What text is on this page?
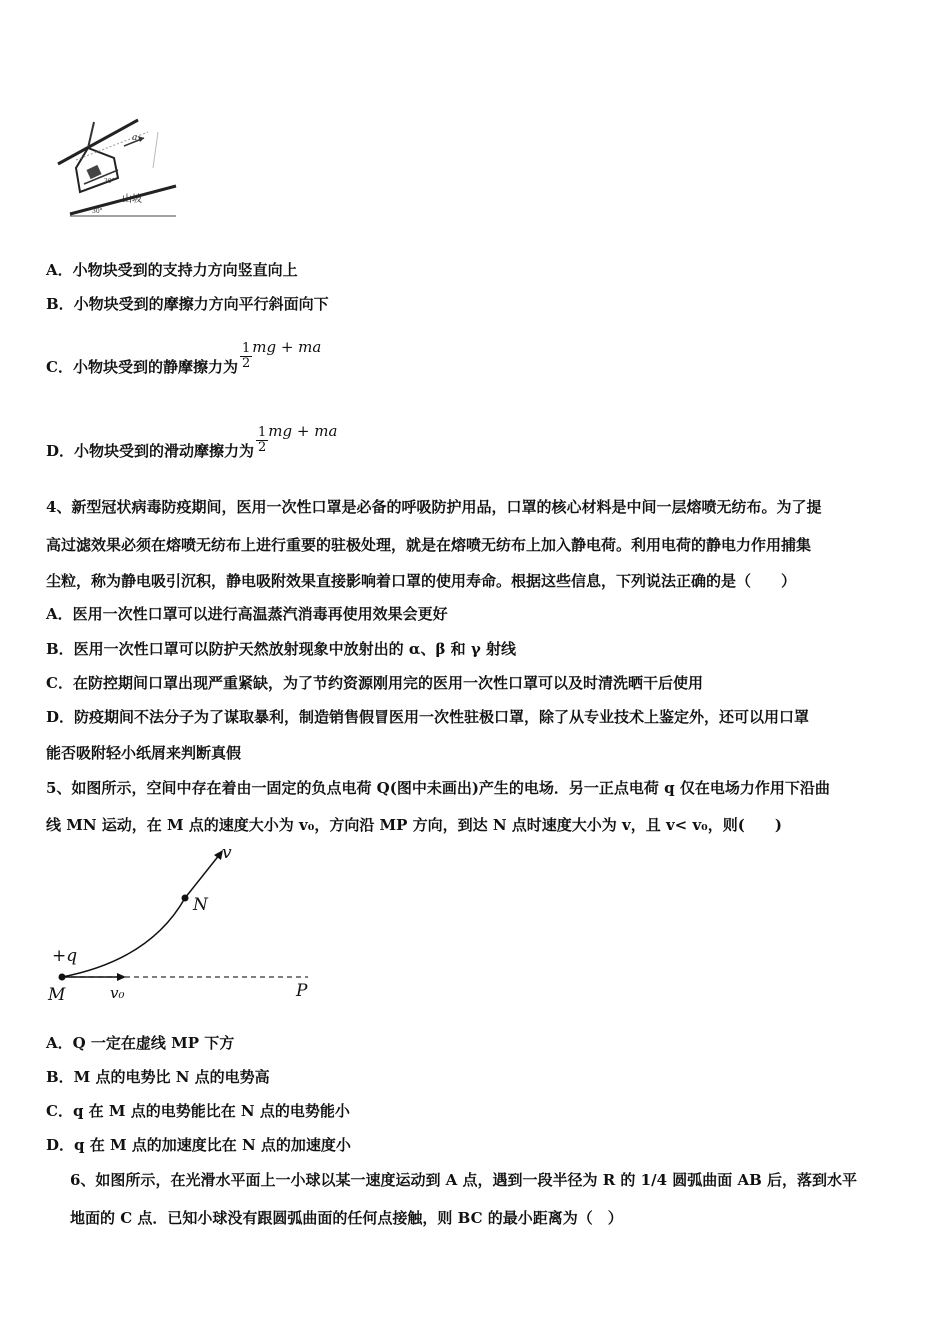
a
30°
30°
山坡
A．小物块受到的支持力方向竖直向上
B．小物块受到的摩擦力方向平行斜面向下
C．小物块受到的静摩擦力为 $\frac{1}{2}$ mg + ma
D．小物块受到的滑动摩擦力为 $\frac{1}{2}$ mg + ma
4、新型冠状病毒防疫期间，医用一次性口罩是必备的呼吸防护用品，口罩的核心材料是中间一层熔喷无纺布。为了提
高过滤效果必须在熔喷无纺布上进行重要的驻极处理，就是在熔喷无纺布上加入静电荷。利用电荷的静电力作用捕集
尘粒，称为静电吸引沉积，静电吸附效果直接影响着口罩的使用寿命。根据这些信息，下列说法正确的是（　　）
A．医用一次性口罩可以进行高温蒸汽消毒再使用效果会更好
B．医用一次性口罩可以防护天然放射现象中放射出的 α、β 和 γ 射线
C．在防控期间口罩出现严重紧缺，为了节约资源刚用完的医用一次性口罩可以及时清洗晒干后使用
D．防疫期间不法分子为了谋取暴利，制造销售假冒医用一次性驻极口罩，除了从专业技术上鉴定外，还可以用口罩
能否吸附轻小纸屑来判断真假
5、如图所示，空间中存在着由一固定的负点电荷 Q(图中未画出)产生的电场．另一正点电荷 q 仅在电场力作用下沿曲
线 MN 运动，在 M 点的速度大小为 v₀，方向沿 MP 方向，到达 N 点时速度大小为 v，且 v< v₀，则(　　)
+q
M
N
P
v
v₀
A．Q 一定在虚线 MP 下方
B．M 点的电势比 N 点的电势高
C．q 在 M 点的电势能比在 N 点的电势能小
D．q 在 M 点的加速度比在 N 点的加速度小
6、如图所示，在光滑水平面上一小球以某一速度运动到 A 点，遇到一段半径为 R 的 1/4 圆弧曲面 AB 后，落到水平
地面的 C 点．已知小球没有跟圆弧曲面的任何点接触，则 BC 的最小距离为（　）
